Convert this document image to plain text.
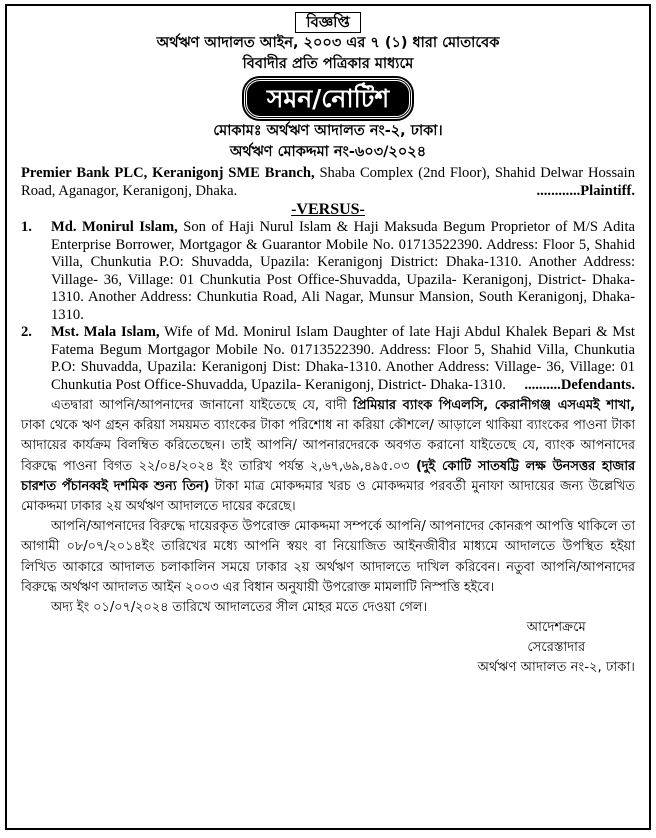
বিজ্ঞপ্তি
অর্থঋণ আদালত আইন, ২০০৩ এর ৭ (১) ধারা মোতাবেক
বিবাদীর প্রতি পত্রিকার মাধ্যমে
সমন/নোটিশ
মোকামঃ অর্থঋণ আদালত নং-২, ঢাকা।
অর্থঋণ মোকদ্দমা নং-৬০৩/২০২৪
Premier Bank PLC, Keranigonj SME Branch, Shaba Complex (2nd Floor), Shahid Delwar Hossain Road, Aganagor, Keranigonj, Dhaka.	............Plaintiff.
-VERSUS-
1.	Md. Monirul Islam, Son of Haji Nurul Islam & Haji Maksuda Begum Proprietor of M/S Adita Enterprise Borrower, Mortgagor & Guarantor Mobile No. 01713522390. Address: Floor 5, Shahid Villa, Chunkutia P.O: Shuvadda, Upazila: Keranigonj District: Dhaka-1310. Another Address: Village- 36, Village: 01 Chunkutia Post Office-Shuvadda, Upazila- Keranigonj, District- Dhaka-1310. Another Address: Chunkutia Road, Ali Nagar, Munsur Mansion, South Keranigonj, Dhaka-1310.
2.	Mst. Mala Islam, Wife of Md. Monirul Islam Daughter of late Haji Abdul Khalek Bepari & Mst Fatema Begum Mortgagor Mobile No. 01713522390. Address: Floor 5, Shahid Villa, Chunkutia P.O: Shuvadda, Upazila: Keranigonj Dist: Dhaka-1310. Another Address: Village- 36, Village: 01 Chunkutia Post Office-Shuvadda, Upazila- Keranigonj, District- Dhaka-1310.	..........Defendants.
এতদ্বারা আপনি/আপনাদের জানানো যাইতেছে যে, বাদী প্রিমিয়ার ব্যাংক পিএলসি, কেরানীগঞ্জ এসএমই শাখা, ঢাকা থেকে ঋণ গ্রহন করিয়া সময়মত ব্যাংকের টাকা পরিশোধ না করিয়া কৌশলে/ আড়ালে থাকিয়া ব্যাংকের পাওনা টাকা আদায়ের কার্যক্রম বিলম্বিত করিতেছেন। তাই আপনি/ আপনারদেরকে অবগত করানো যাইতেছে যে, ব্যাংক আপনাদের বিরুদ্ধে পাওনা বিগত ২২/০৪/২০২৪ ইং তারিখ পর্যন্ত ২,৬৭,৬৯,৪৯৫.০৩ (দুই কোটি সাতষট্টি লক্ষ উনসত্তর হাজার চারশত পঁচানব্বই দশমিক শুন্য তিন) টাকা মাত্র মোকদ্দমার খরচ ও মোকদ্দমার পরবর্তী মুনাফা আদায়ের জন্য উল্লেখিত মোকদ্দমা ঢাকার ২য় অর্থঋণ আদালতে দায়ের করেছে।
আপনি/আপনাদের বিরুদ্ধে দায়েরকৃত উপরোক্ত মোকদ্দমা সম্পর্কে আপনি/ আপনাদের কোনরূপ আপত্তি থাকিলে তা আগামী ০৮/০৭/২০১৪ইং তারিখের মধ্যে আপনি স্বয়ং বা নিয়োজিত আইনজীবীর মাধ্যমে আদালতে উপস্থিত হইয়া লিখিত আকারে আদালত চলাকালিন সময়ে ঢাকার ২য় অর্থঋণ আদালতে দাখিল করিবেন। নতুবা আপনি/আপনাদের বিরুদ্ধে অর্থঋণ আদালত আইন ২০০৩ এর বিধান অনুযায়ী উপরোক্ত মামলাটি নিস্পত্তি হইবে।
অদ্য ইং ০১/০৭/২০২৪ তারিখে আদালতের সীল মোহর মতে দেওয়া গেল।
আদেশক্রমে
সেরেস্তাদার
অর্থঋণ আদালত নং-২, ঢাকা।
